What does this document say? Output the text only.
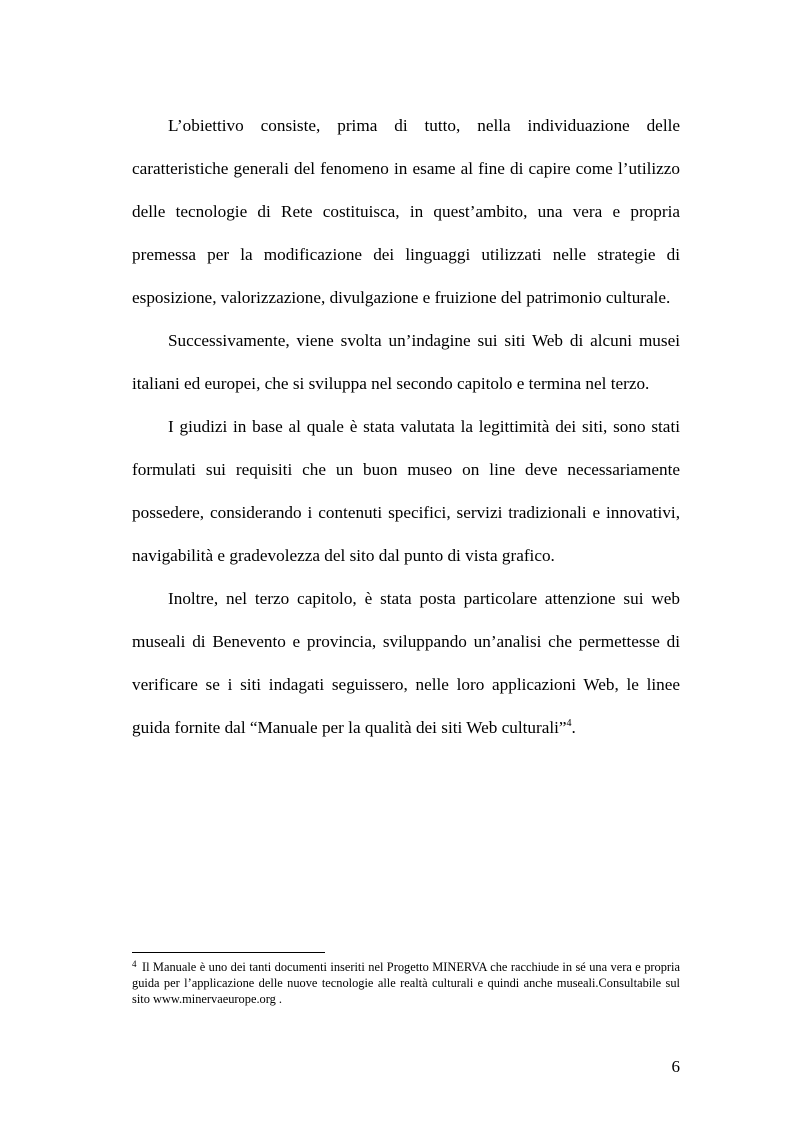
L’obiettivo consiste, prima di tutto, nella individuazione delle caratteristiche generali del fenomeno in esame al fine di capire come l’utilizzo delle tecnologie di Rete costituisca, in quest’ambito, una vera e propria premessa per la modificazione dei linguaggi utilizzati nelle strategie di esposizione, valorizzazione, divulgazione e fruizione del patrimonio culturale.

Successivamente, viene svolta un’indagine sui siti Web di alcuni musei italiani ed europei, che si sviluppa nel secondo capitolo e termina nel terzo.

I giudizi in base al quale è stata valutata la legittimità dei siti, sono stati formulati sui requisiti che un buon museo on line deve necessariamente possedere, considerando i contenuti specifici, servizi tradizionali e innovativi, navigabilità e gradevolezza del sito dal punto di vista grafico.

Inoltre, nel terzo capitolo, è stata posta particolare attenzione sui web museali di Benevento e provincia, sviluppando un’analisi che permettesse di verificare se i siti indagati seguissero, nelle loro applicazioni Web, le linee guida fornite dal “Manuale per la qualità dei siti Web culturali”$^4$.

$^4$ Il Manuale è uno dei tanti documenti inseriti nel Progetto MINERVA che racchiude in sé una vera e propria guida per l’applicazione delle nuove tecnologie alle realtà culturali e quindi anche museali.Consultabile sul sito www.minervaeurope.org .

6
